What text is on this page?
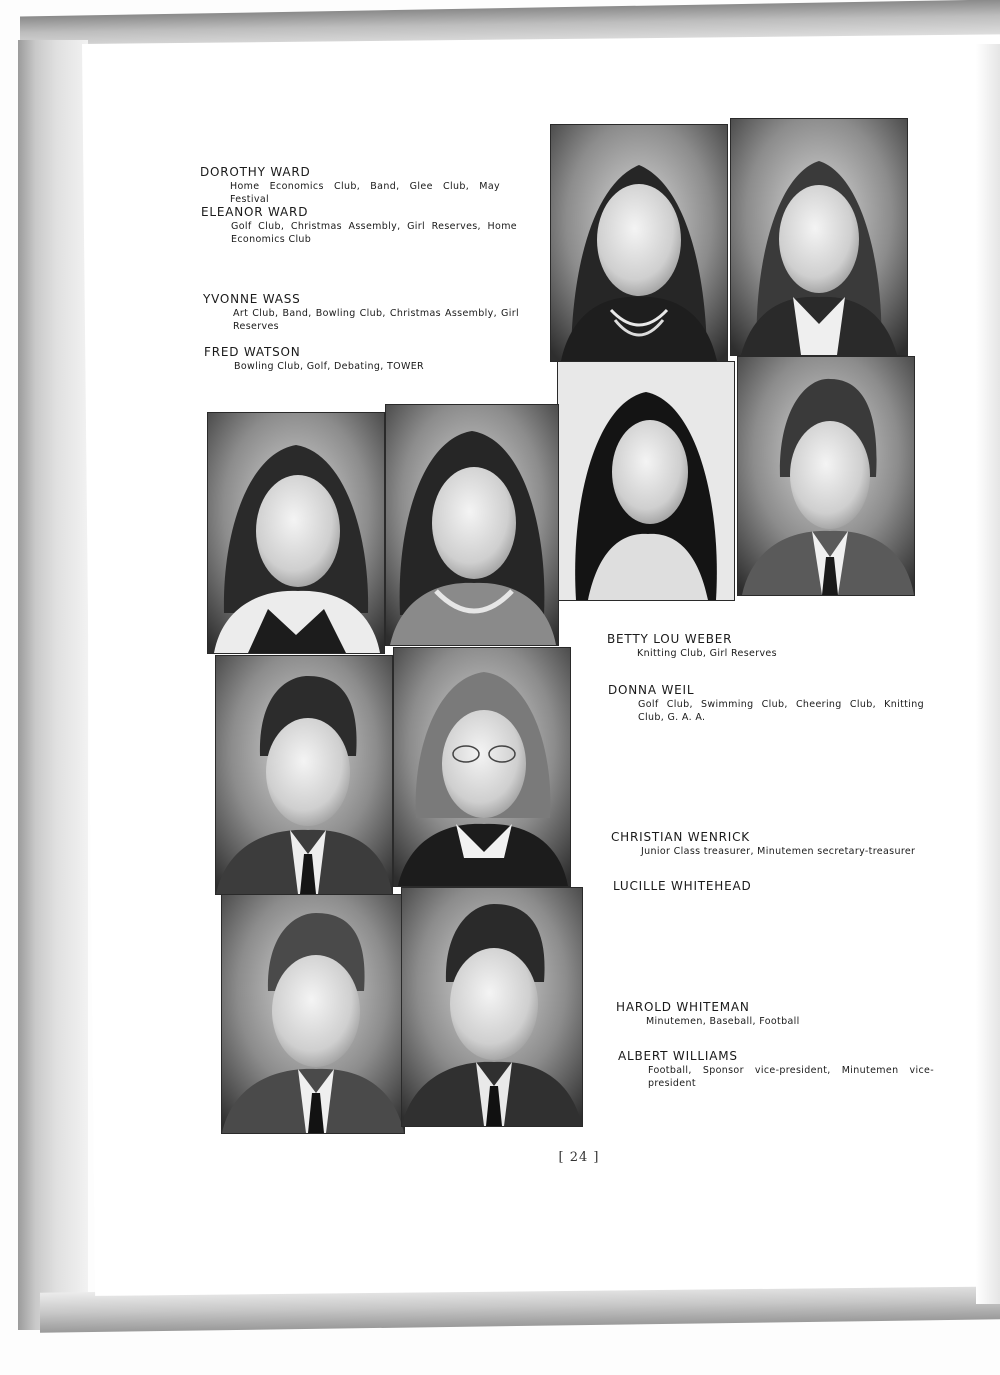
DOROTHY WARD
Home Economics Club, Band, Glee Club, May Festival
ELEANOR WARD
Golf Club, Christmas Assembly, Girl Reserves, Home Economics Club
YVONNE WASS
Art Club, Band, Bowling Club, Christmas Assembly, Girl Reserves
FRED WATSON
Bowling Club, Golf, Debating, TOWER
BETTY LOU WEBER
Knitting Club, Girl Reserves
DONNA WEIL
Golf Club, Swimming Club, Cheering Club, Knitting Club, G. A. A.
CHRISTIAN WENRICK
Junior Class treasurer, Minutemen secretary-treasurer
LUCILLE WHITEHEAD
HAROLD WHITEMAN
Minutemen, Baseball, Football
ALBERT WILLIAMS
Football, Sponsor vice-president, Minutemen vice-president
[ 24 ]
